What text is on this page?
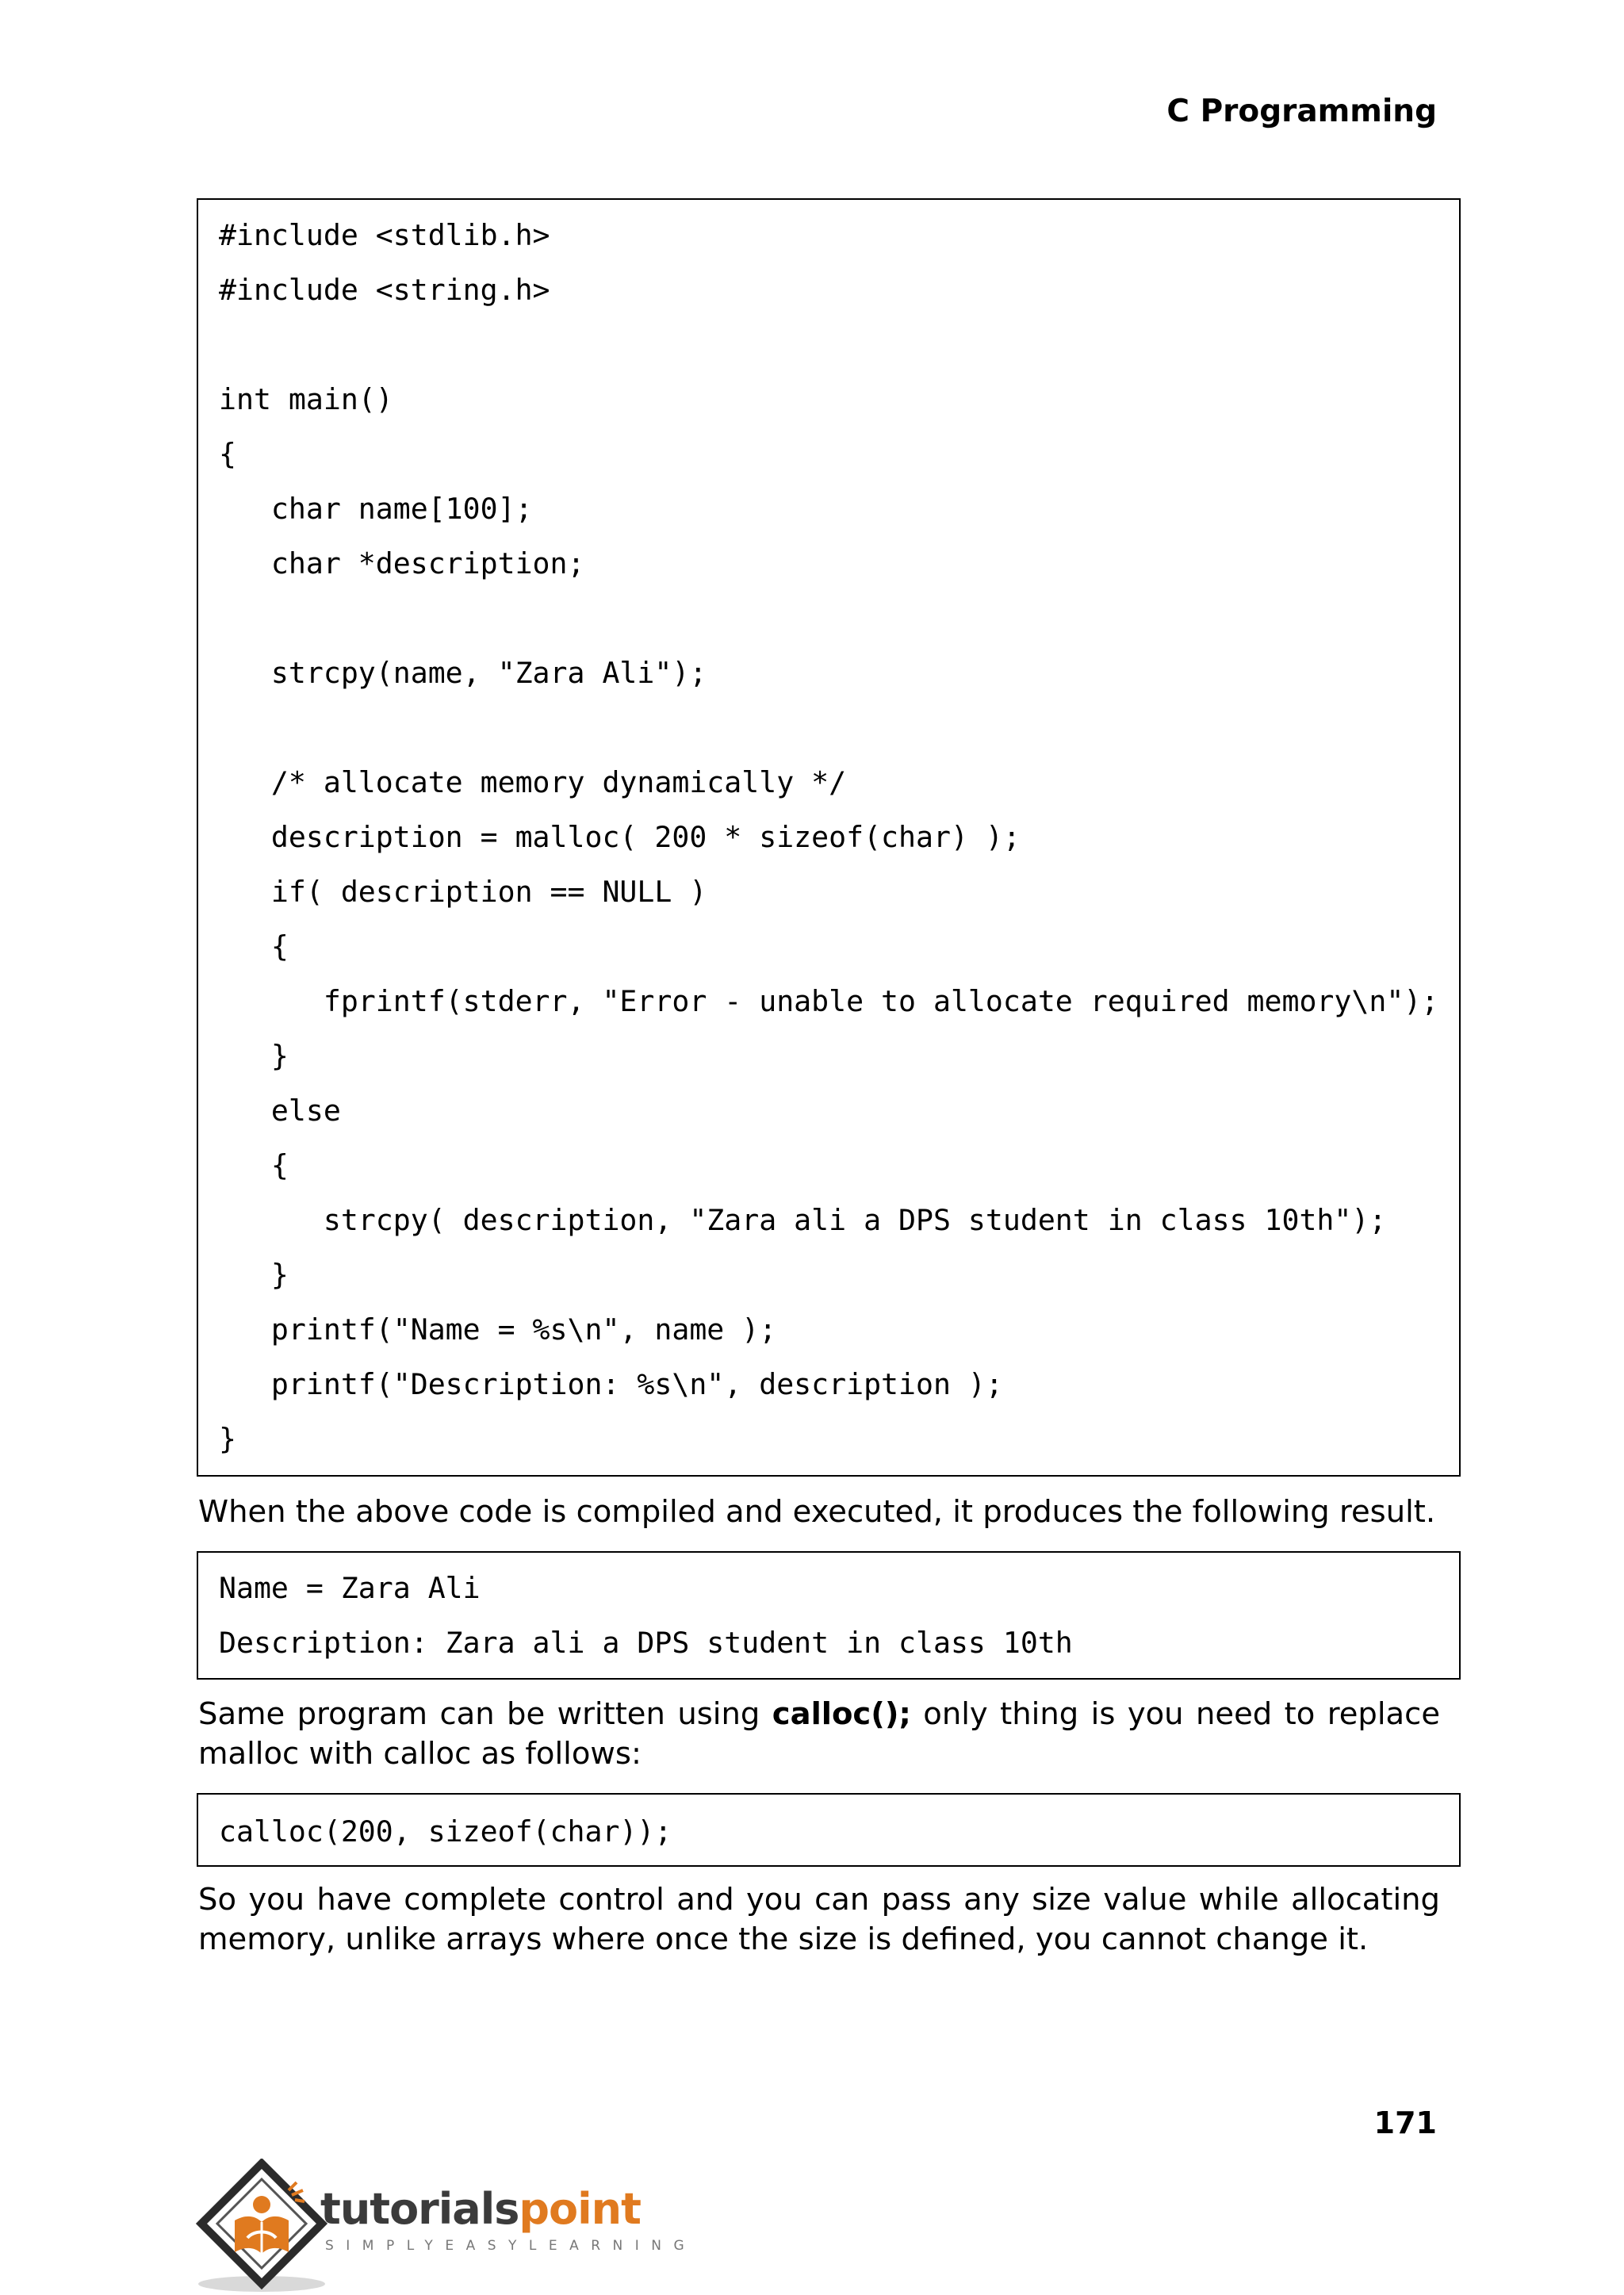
C Programming
#include <stdlib.h>
#include <string.h>
int main()
{
char name[100];
char *description;
strcpy(name, "Zara Ali");
/* allocate memory dynamically */
description = malloc( 200 * sizeof(char) );
if( description == NULL )
{
fprintf(stderr, "Error - unable to allocate required memory\n");
}
else
{
strcpy( description, "Zara ali a DPS student in class 10th");
}
printf("Name = %s\n", name );
printf("Description: %s\n", description );
}

When the above code is compiled and executed, it produces the following result.

Name = Zara Ali
Description: Zara ali a DPS student in class 10th

Same program can be written using calloc(); only thing is you need to replace malloc with calloc as follows:

calloc(200, sizeof(char));

So you have complete control and you can pass any size value while allocating memory, unlike arrays where once the size is defined, you cannot change it.

171
tutorialspoint
SIMPLYEASYLEARNING
